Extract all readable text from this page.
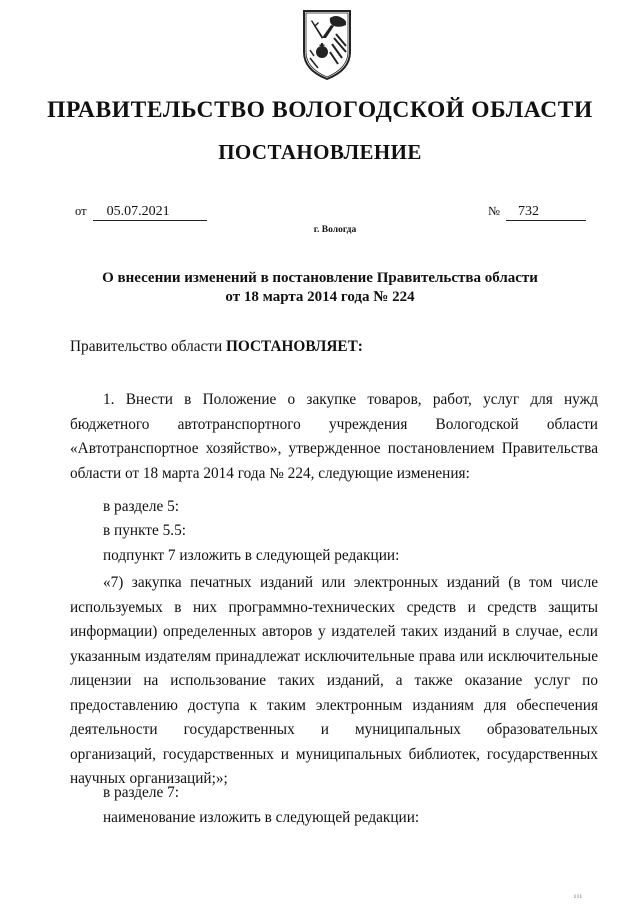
ПРАВИТЕЛЬСТВО ВОЛОГОДСКОЙ ОБЛАСТИ
ПОСТАНОВЛЕНИЕ
от 05.07.2021	№ 732
г. Вологда
О внесении изменений в постановление Правительства области
от 18 марта 2014 года № 224
Правительство области ПОСТАНОВЛЯЕТ:

1. Внести в Положение о закупке товаров, работ, услуг для нужд бюджетного автотранспортного учреждения Вологодской области «Автотранспортное хозяйство», утвержденное постановлением Правительства области от 18 марта 2014 года № 224, следующие изменения:

в разделе 5:
в пункте 5.5:
подпункт 7 изложить в следующей редакции:

«7) закупка печатных изданий или электронных изданий (в том числе используемых в них программно-технических средств и средств защиты информации) определенных авторов у издателей таких изданий в случае, если указанным издателям принадлежат исключительные права или исключительные лицензии на использование таких изданий, а также оказание услуг по предоставлению доступа к таким электронным изданиям для обеспечения деятельности государственных и муниципальных образовательных организаций, государственных и муниципальных библиотек, государственных научных организаций;»;

в разделе 7:
наименование изложить в следующей редакции:
ııı
